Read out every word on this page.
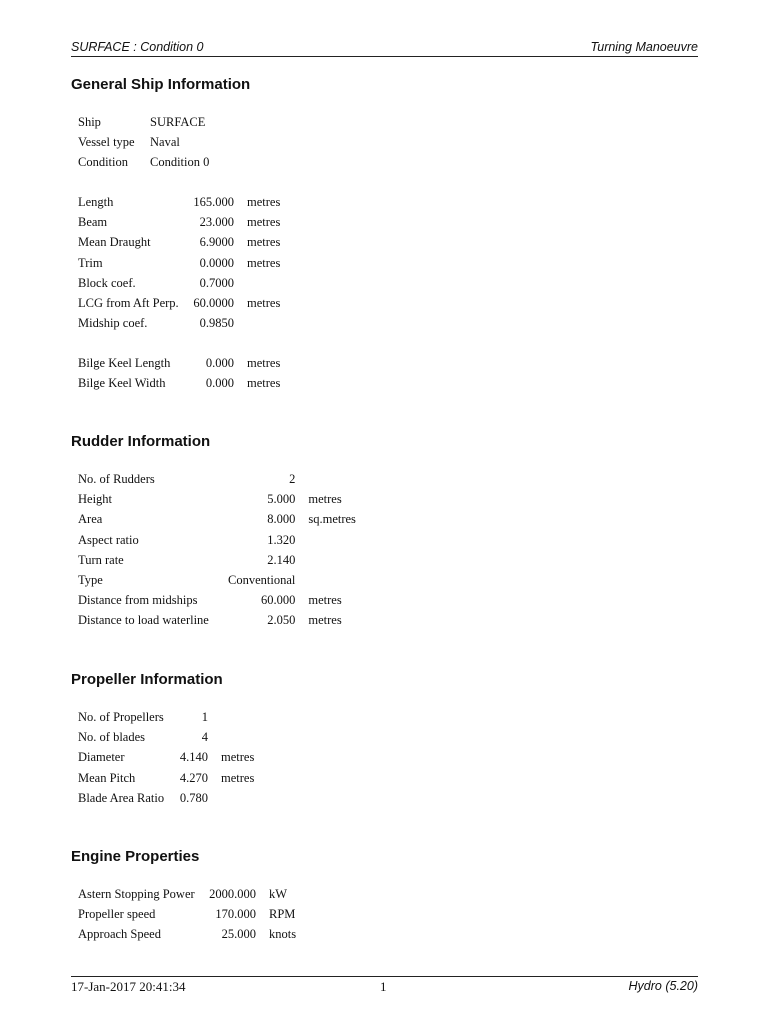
SURFACE : Condition 0	Turning Manoeuvre
General Ship Information
Ship	SURFACE
Vessel type	Naval
Condition	Condition 0
Length	165.000	metres
Beam	23.000	metres
Mean Draught	6.9000	metres
Trim	0.0000	metres
Block coef.	0.7000	
LCG from Aft Perp.	60.0000	metres
Midship coef.	0.9850	
Bilge Keel Length	0.000	metres
Bilge Keel Width	0.000	metres
Rudder Information
No. of Rudders	2	
Height	5.000	metres
Area	8.000	sq.metres
Aspect ratio	1.320	
Turn rate	2.140	
Type	Conventional	
Distance from midships	60.000	metres
Distance to load waterline	2.050	metres
Propeller Information
No. of Propellers	1	
No. of blades	4	
Diameter	4.140	metres
Mean Pitch	4.270	metres
Blade Area Ratio	0.780	
Engine Properties
Astern Stopping Power	2000.000	kW
Propeller speed	170.000	RPM
Approach Speed	25.000	knots
17-Jan-2017 20:41:34	1	Hydro (5.20)
